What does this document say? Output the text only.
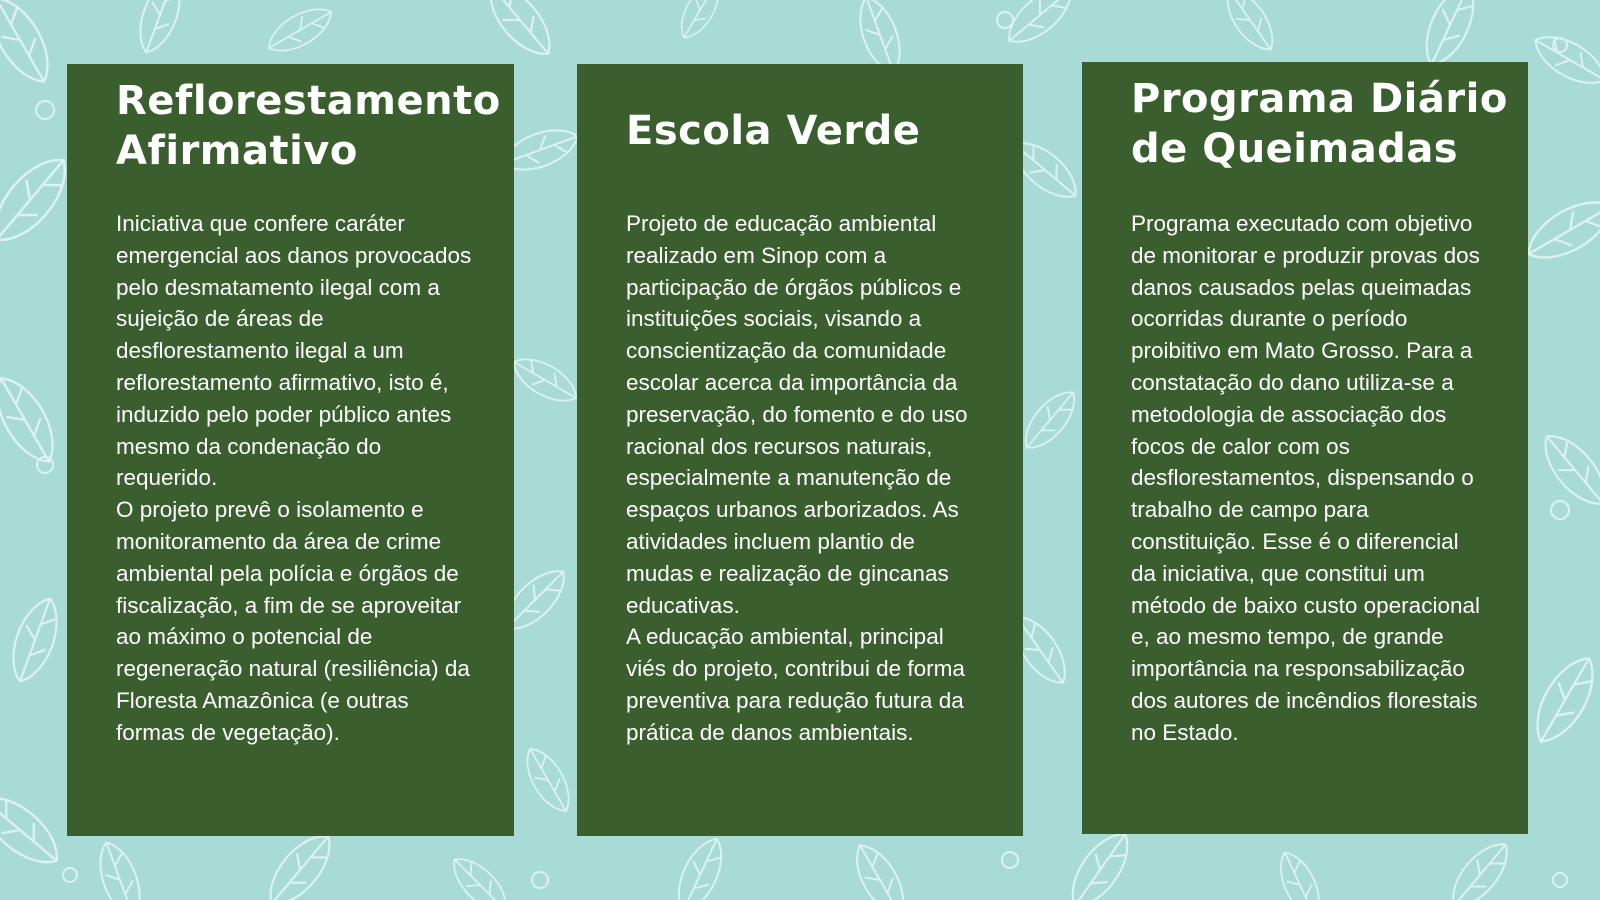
Reflorestamento
Afirmativo
Iniciativa que confere caráter emergencial aos danos provocados pelo desmatamento ilegal com a sujeição de áreas de desflorestamento ilegal a um reflorestamento afirmativo, isto é, induzido pelo poder público antes mesmo da condenação do requerido.
O projeto prevê o isolamento e monitoramento da área de crime ambiental pela polícia e órgãos de fiscalização, a fim de se aproveitar ao máximo o potencial de regeneração natural (resiliência) da Floresta Amazônica (e outras formas de vegetação).
Escola Verde
Projeto de educação ambiental realizado em Sinop com a participação de órgãos públicos e instituições sociais, visando a conscientização da comunidade escolar acerca da importância da preservação, do fomento e do uso racional dos recursos naturais, especialmente a manutenção de espaços urbanos arborizados. As atividades incluem plantio de mudas e realização de gincanas educativas.
A educação ambiental, principal viés do projeto, contribui de forma preventiva para redução futura da prática de danos ambientais.
Programa Diário
de Queimadas
Programa executado com objetivo de monitorar e produzir provas dos danos causados pelas queimadas ocorridas durante o período proibitivo em Mato Grosso. Para a constatação do dano utiliza-se a metodologia de associação dos focos de calor com os desflorestamentos, dispensando o trabalho de campo para constituição. Esse é o diferencial da iniciativa, que constitui um método de baixo custo operacional e, ao mesmo tempo, de grande importância na responsabilização dos autores de incêndios florestais no Estado.
